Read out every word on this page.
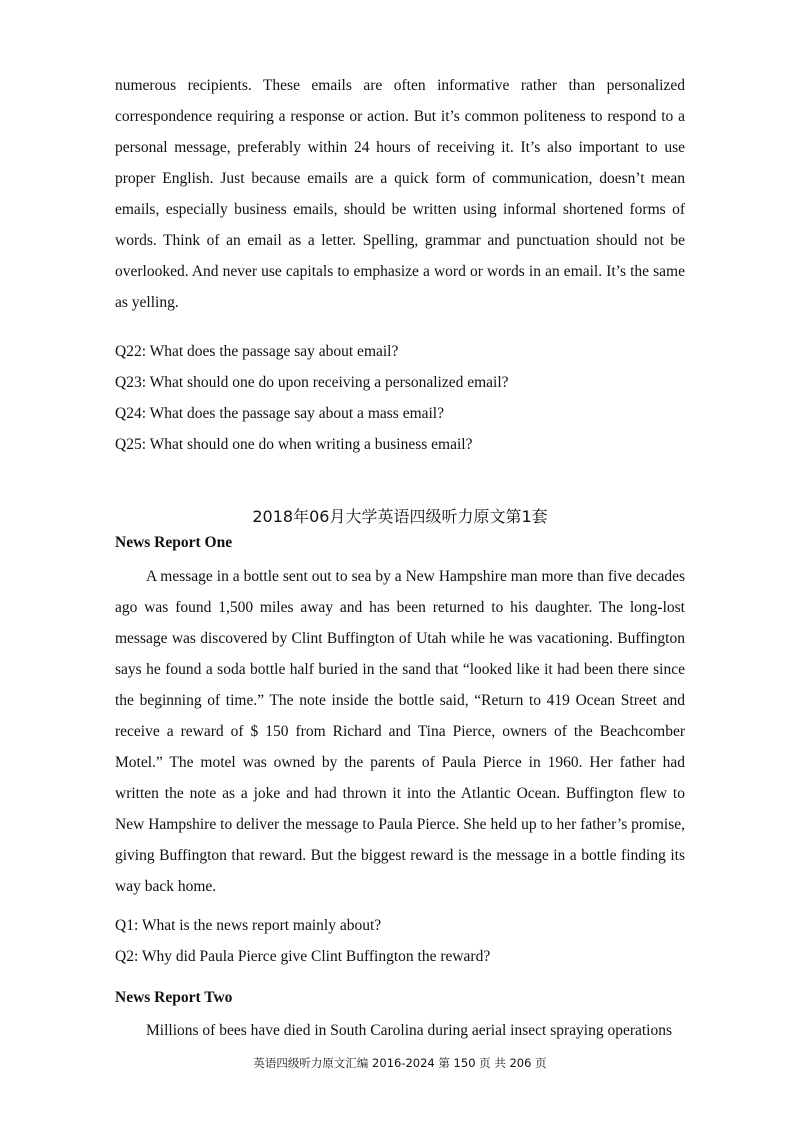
numerous recipients. These emails are often informative rather than personalized correspondence requiring a response or action. But it’s common politeness to respond to a personal message, preferably within 24 hours of receiving it. It’s also important to use proper English. Just because emails are a quick form of communication, doesn’t mean emails, especially business emails, should be written using informal shortened forms of words. Think of an email as a letter. Spelling, grammar and punctuation should not be overlooked. And never use capitals to emphasize a word or words in an email. It’s the same as yelling.

Q22: What does the passage say about email?

Q23: What should one do upon receiving a personalized email?

Q24: What does the passage say about a mass email?

Q25: What should one do when writing a business email?

2018年06月大学英语四级听力原文第1套

News Report One

A message in a bottle sent out to sea by a New Hampshire man more than five decades ago was found 1,500 miles away and has been returned to his daughter. The long-lost message was discovered by Clint Buffington of Utah while he was vacationing. Buffington says he found a soda bottle half buried in the sand that “looked like it had been there since the beginning of time.” The note inside the bottle said, “Return to 419 Ocean Street and receive a reward of $ 150 from Richard and Tina Pierce, owners of the Beachcomber Motel.” The motel was owned by the parents of Paula Pierce in 1960. Her father had written the note as a joke and had thrown it into the Atlantic Ocean. Buffington flew to New Hampshire to deliver the message to Paula Pierce. She held up to her father’s promise, giving Buffington that reward. But the biggest reward is the message in a bottle finding its way back home.

Q1: What is the news report mainly about?

Q2: Why did Paula Pierce give Clint Buffington the reward?

News Report Two

Millions of bees have died in South Carolina during aerial insect spraying operations

英语四级听力原文汇编 2016-2024 第 150 页 共 206 页
